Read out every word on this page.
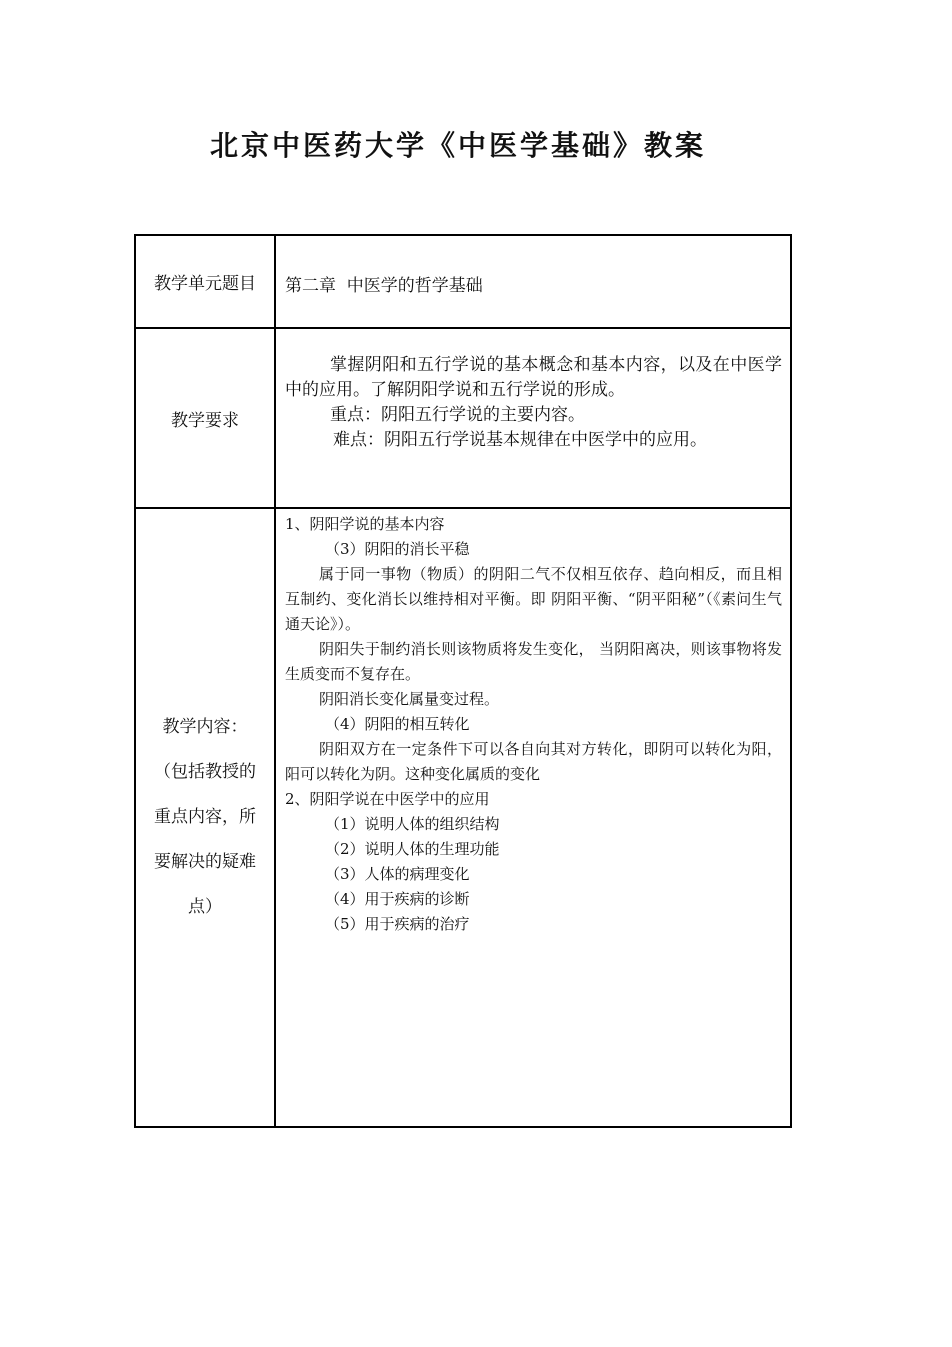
北京中医药大学《中医学基础》教案
教学单元题目	第二章  中医学的哲学基础
教学要求

掌握阴阳和五行学说的基本概念和基本内容，以及在中医学中的应用。了解阴阳学说和五行学说的形成。

重点：阴阳五行学说的主要内容。

难点：阴阳五行学说基本规律在中医学中的应用。

教学内容：
（包括教授的
重点内容，所
要解决的疑难
点）

1、阴阳学说的基本内容

（3）阴阳的消长平稳

属于同一事物（物质）的阴阳二气不仅相互依存、趋向相反，而且相互制约、变化消长以维持相对平衡。即 阴阳平衡、“阴平阳秘”（《素问生气通天论》）。

阴阳失于制约消长则该物质将发生变化， 当阴阳离决，则该事物将发生质变而不复存在。

阴阳消长变化属量变过程。

（4）阴阳的相互转化

阴阳双方在一定条件下可以各自向其对方转化，即阴可以转化为阳，阳可以转化为阴。这种变化属质的变化

2、阴阳学说在中医学中的应用

（1）说明人体的组织结构

（2）说明人体的生理功能

（3）人体的病理变化

（4）用于疾病的诊断

（5）用于疾病的治疗
